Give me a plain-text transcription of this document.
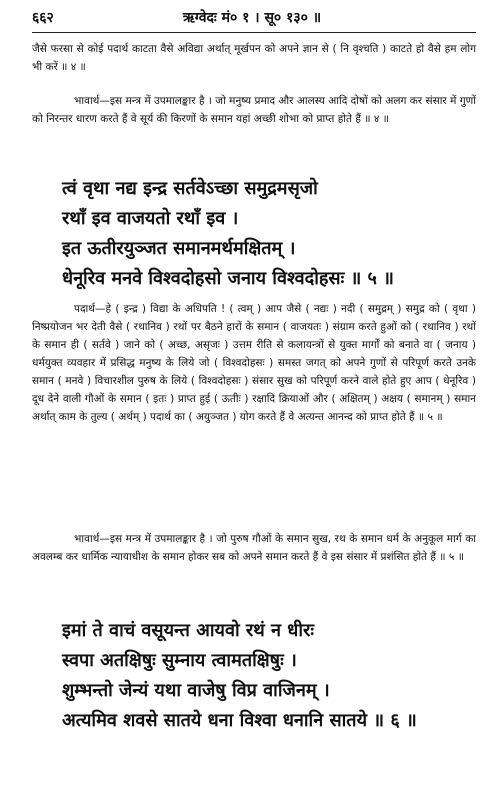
६६२	ऋग्वेदः मं० १ । सू० १३० ॥
जैसे फरसा से कोई पदार्थ काटता वैसे अविद्या अर्थात् मूर्खपन को अपने ज्ञान से ( नि वृश्चति ) काटते हो वैसे हम लोग भी करें ॥ ४ ॥
भावार्थ—इस मन्त्र में उपमालङ्कार है । जो मनुष्य प्रमाद और आलस्य आदि दोषों को अलग कर संसार में गुणों को निरन्तर धारण करते हैं वे सूर्य की किरणों के समान यहां अच्छी शोभा को प्राप्त होते हैं ॥ ४ ॥
त्वं वृथा नद्य इन्द्र सर्तवेऽच्छा समुद्रमसृजो
रथाँ इव वाजयतो रथाँ इव ।
इत ऊतीरयुञ्जत समानमर्थमक्षितम् ।
धेनूरिव मनवे विश्वदोहसो जनाय विश्वदोहसः ॥ ५ ॥
पदार्थ—हे ( इन्द्र ) विद्या के अधिपति ! ( त्वम् ) आप जैसे ( नद्यः ) नदी ( समुद्रम् ) समुद्र को ( वृथा ) निष्प्रयोजन भर देती वैसे ( रथानिव ) रथों पर बैठने हारों के समान ( वाजयतः ) संग्राम करते हुओं को ( रथानिव ) रथों के समान ही ( सर्तवे ) जाने को ( अच्छ, असृजः ) उत्तम रीति से कलायन्त्रों से युक्त मार्गों को बनाते वा ( जनाय ) धर्मयुक्त व्यवहार में प्रसिद्ध मनुष्य के लिये जो ( विश्वदोहसः ) समस्त जगत् को अपने गुणों से परिपूर्ण करते उनके समान ( मनवे ) विचारशील पुरुष के लिये ( विश्वदोहसः ) संसार सुख को परिपूर्ण करने वाले होते हुए आप ( धेनूरिव ) दूध देने वाली गौओं के समान ( इतः ) प्राप्त हुई ( ऊतीः ) रक्षादि क्रियाओं और ( अक्षितम् ) अक्षय ( समानम् ) समान अर्थात् काम के तुल्य ( अर्थम् ) पदार्थ का ( अयुञ्जत ) योग करते हैं वे अत्यन्त आनन्द को प्राप्त होते हैं ॥ ५ ॥
भावार्थ—इस मन्त्र में उपमालङ्कार है । जो पुरुष गौओं के समान सुख, रथ के समान धर्म के अनुकूल मार्ग का अवलम्ब कर धार्मिक न्यायाधीश के समान होकर सब को अपने समान करते हैं वे इस संसार में प्रशंसित होते हैं ॥ ५ ॥
इमां ते वाचं वसूयन्त आयवो रथं न धीरः
स्वपा अतक्षिषुः सुम्नाय त्वामतक्षिषुः ।
शुम्भन्तो जेन्यं यथा वाजेषु विप्र वाजिनम् ।
अत्यमिव शवसे सातये धना विश्वा धनानि सातये ॥ ६ ॥
